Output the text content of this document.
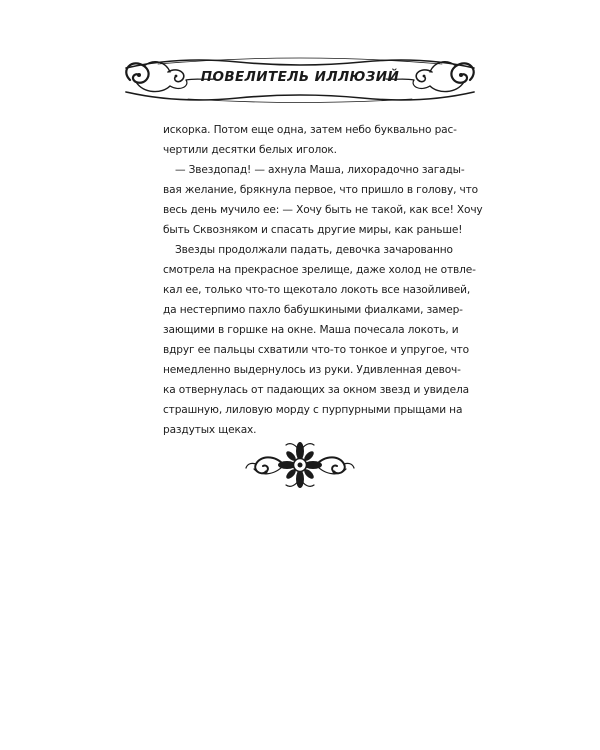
ПОВЕЛИТЕЛЬ ИЛЛЮЗИЙ
искорка. Потом еще одна, затем небо буквально рас-
чертили десятки белых иголок.
— Звездопад! — ахнула Маша, лихорадочно загады-
вая желание, брякнула первое, что пришло в голову, что
весь день мучило ее: — Хочу быть не такой, как все! Хочу
быть Сквозняком и спасать другие миры, как раньше!
Звезды продолжали падать, девочка зачарованно
смотрела на прекрасное зрелище, даже холод не отвле-
кал ее, только что-то щекотало локоть все назойливей,
да нестерпимо пахло бабушкиными фиалками, замер-
зающими в горшке на окне. Маша почесала локоть, и
вдруг ее пальцы схватили что-то тонкое и упругое, что
немедленно выдернулось из руки. Удивленная девоч-
ка отвернулась от падающих за окном звезд и увидела
страшную, лиловую морду с пурпурными прыщами на
раздутых щеках.
